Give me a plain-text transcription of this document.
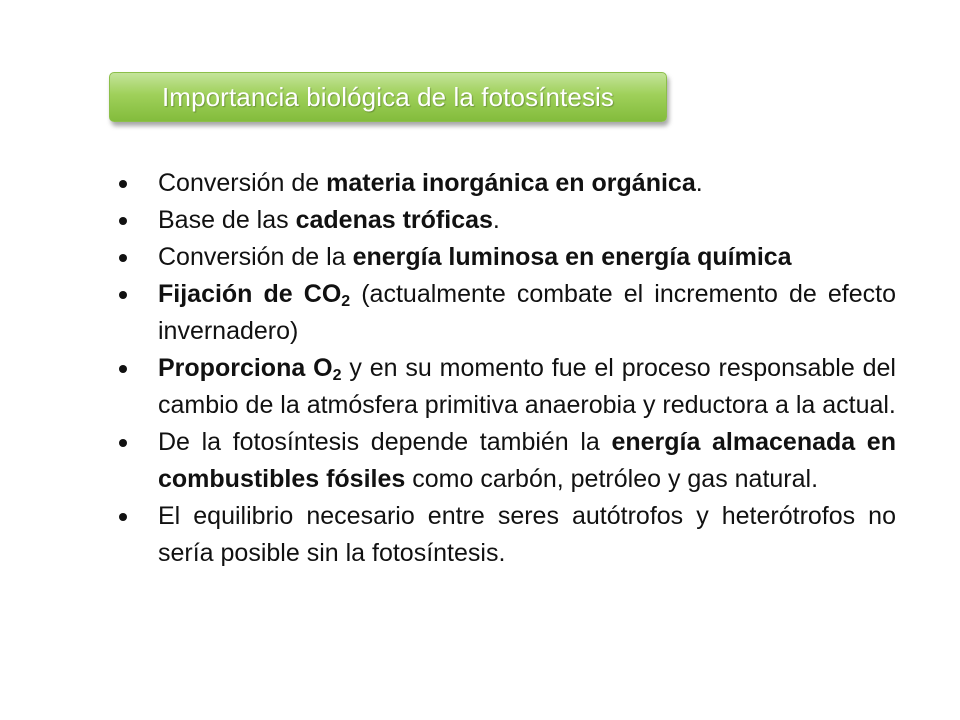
Importancia biológica de la fotosíntesis
Conversión de materia inorgánica en orgánica.
Base de las cadenas tróficas.
Conversión de la energía luminosa en energía química
Fijación de $CO_2$ (actualmente combate el incremento de efecto invernadero)
Proporciona $O_2$ y en su momento fue el proceso responsable del cambio de la atmósfera primitiva anaerobia y reductora a la actual.
De la fotosíntesis depende también la energía almacenada en combustibles fósiles como carbón, petróleo y gas natural.
El equilibrio necesario entre seres autótrofos y heterótrofos no sería posible sin la fotosíntesis.
